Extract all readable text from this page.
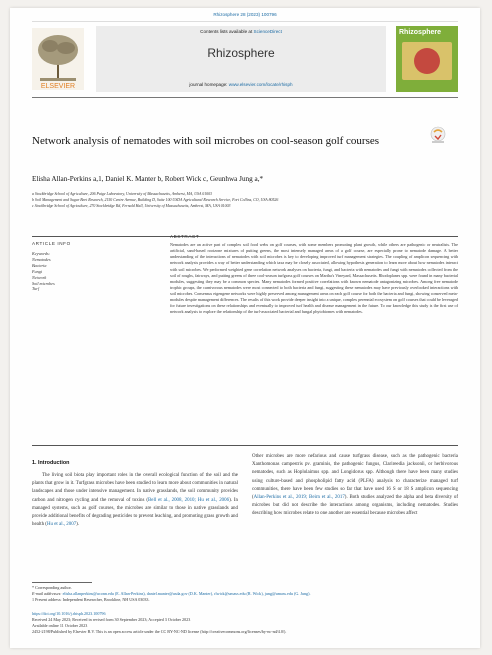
Rhizosphere 28 (2023) 100796
ELSEVIER
Contents lists available at ScienceDirect
Rhizosphere
journal homepage: www.elsevier.com/locate/rhisph
Rhizosphere
Network analysis of nematodes with soil microbes on cool-season golf courses
Elisha Allan-Perkins a,1, Daniel K. Manter b, Robert Wick c, Geunhwa Jung a,*
a Stockbridge School of Agriculture, 206 Paige Laboratory, University of Massachusetts, Amherst, MA, USA 01003
b Soil Management and Sugar Beet Research, 2150 Centre Avenue, Building D, Suite 100 USDA Agricultural Research Service, Fort Collins, CO, USA 80526
c Stockbridge School of Agriculture, 270 Stockbridge Rd, Fernald Hall, University of Massachusetts, Amherst, MA, USA 01003
ARTICLE INFO
ABSTRACT
Keywords:
Nematodes
Bacteria
Fungi
Network
Soil microbes
Turf
Nematodes are an active part of complex soil food webs on golf courses, with some members promoting plant growth, while others are pathogenic or neutralists. The artificial, sand-based rootzone mixtures of putting greens, the most intensely managed areas of a golf course, are especially prone to nematode damage. A better understanding of the interactions of nematodes with soil microbes is key to developing improved turf management strategies. The coupling of amplicon sequencing with network analysis provides a way of better understanding which taxa may be closely associated, allowing hypothesis generation to learn more about how nematodes interact with soil microbes. We performed weighted gene correlation network analyses on bacteria, fungi, and bacteria with nematodes and fungi with nematodes collected from the soil of roughs, fairways, and putting greens of three cool-season turfgrass golf courses on Martha's Vineyard, Massachusetts. Rhodoplanes spp. were found in many bacterial modules, suggesting they may be a common species. Many nematodes formed positive correlations with known nematode antagonizing microbes. Among free nematode trophic groups, the carnivorous nematodes were most connected to both bacteria and fungi, suggesting these nematodes may have previously overlooked interactions with soil microbes. Consensus eigengene networks were highly preserved among management areas on each golf course for both the bacteria and fungi, showing conserved meta-modules despite management differences. The results of this work provide deeper insight into a unique, complex perennial ecosystem on golf courses that could be leveraged for future investigations on these relationships and eventually to improved turf health and disease management in the future. To our knowledge this study is the first use of network analysis to explore the relationship of the turf-associated bacterial and fungal phytobiomes with nematodes.
1. Introduction
The living soil biota play important roles in the overall ecological function of the soil and the plants that grow in it. Turfgrass microbes have been studied to learn more about communities in natural landscapes and those under intensive management. In native grasslands, the soil community provides carbon and nitrogen cycling and the removal of toxins (Bell et al., 2008, 2010; Hu et al., 2006). In managed systems, such as golf courses, the microbes are similar to those in native grasslands and provide additional benefits of degrading pesticides to prevent leaching, and promoting grass growth and health (Hu et al., 2007).
Other microbes are more nefarious and cause turfgrass disease, such as the pathogenic bacteria Xanthomonas campestris pv. graminis, the pathogenic fungus, Clarireedia jacksonii, or herbivorous nematodes, such as Hoplolaimus spp. and Longidorus spp. Although there have been many studies using culture-based and phospholipid fatty acid (PLFA) analysis to characterize managed turf communities, there have been few studies so far that have used 16 S or 18 S amplicon sequencing (Allan-Perkins et al., 2019; Beirn et al., 2017). Both studies analyzed the alpha and beta diversity of microbes but did not describe the interactions among organisms, including nematodes. Studies describing how microbes relate to one another are essential because microbes affect
* Corresponding author.
E-mail addresses: elisha.allanperkins@uconn.edu (E. Allan-Perkins), daniel.manter@usda.gov (D.K. Manter), rlwick@umass.edu (R. Wick), jung@umass.edu (G. Jung).
1 Present address: Independent Researcher, Brookline, NH USA 03033.
https://doi.org/10.1016/j.rhisph.2023.100796
Received 24 May 2023; Received in revised form 30 September 2023; Accepted 3 October 2023
Available online 11 October 2023
2452-2198/Published by Elsevier B.V. This is an open access article under the CC BY-NC-ND license (http://creativecommons.org/licenses/by-nc-nd/4.0/).
